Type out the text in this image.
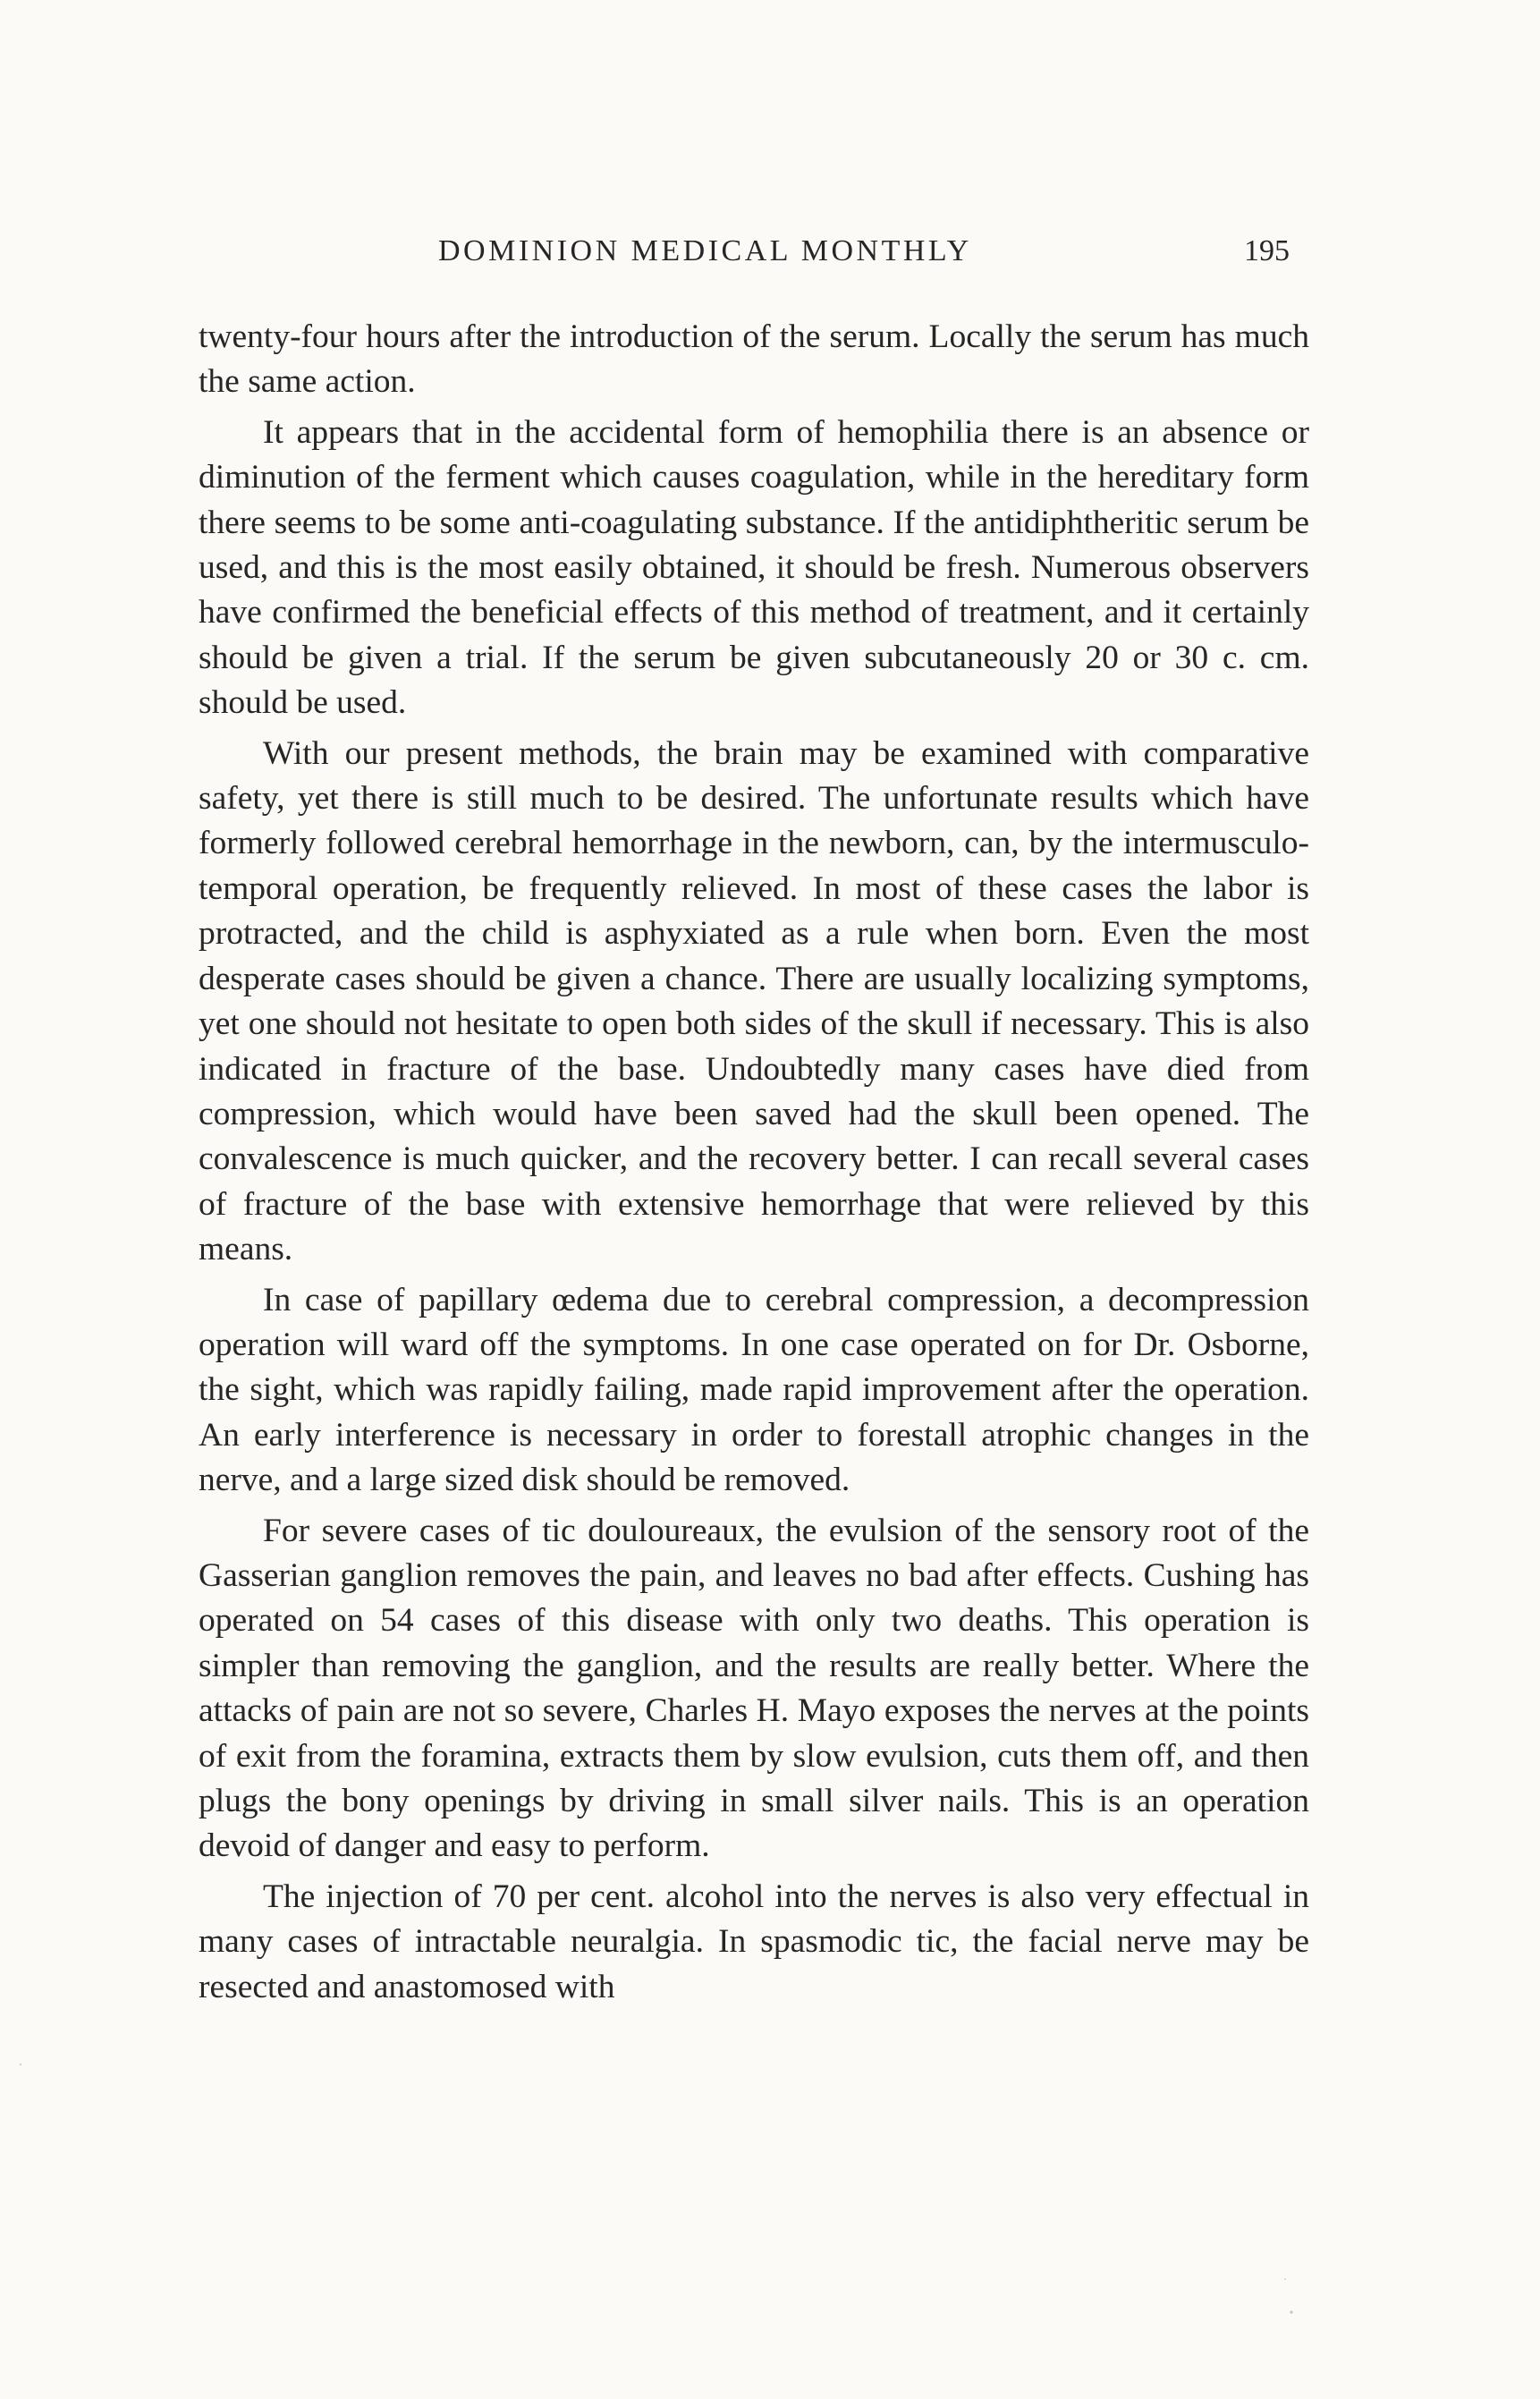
DOMINION MEDICAL MONTHLY	195

twenty-four hours after the introduction of the serum. Locally the serum has much the same action.

It appears that in the accidental form of hemophilia there is an absence or diminution of the ferment which causes coagulation, while in the hereditary form there seems to be some anti-coagulating substance. If the antidiphtheritic serum be used, and this is the most easily obtained, it should be fresh. Numerous observers have confirmed the beneficial effects of this method of treatment, and it certainly should be given a trial. If the serum be given subcutaneously 20 or 30 c. cm. should be used.

With our present methods, the brain may be examined with comparative safety, yet there is still much to be desired. The unfortunate results which have formerly followed cerebral hemorrhage in the newborn, can, by the intermusculo-temporal operation, be frequently relieved. In most of these cases the labor is protracted, and the child is asphyxiated as a rule when born. Even the most desperate cases should be given a chance. There are usually localizing symptoms, yet one should not hesitate to open both sides of the skull if necessary. This is also indicated in fracture of the base. Undoubtedly many cases have died from compression, which would have been saved had the skull been opened. The convalescence is much quicker, and the recovery better. I can recall several cases of fracture of the base with extensive hemorrhage that were relieved by this means.

In case of papillary œdema due to cerebral compression, a decompression operation will ward off the symptoms. In one case operated on for Dr. Osborne, the sight, which was rapidly failing, made rapid improvement after the operation. An early interference is necessary in order to forestall atrophic changes in the nerve, and a large sized disk should be removed.

For severe cases of tic douloureaux, the evulsion of the sensory root of the Gasserian ganglion removes the pain, and leaves no bad after effects. Cushing has operated on 54 cases of this disease with only two deaths. This operation is simpler than removing the ganglion, and the results are really better. Where the attacks of pain are not so severe, Charles H. Mayo exposes the nerves at the points of exit from the foramina, extracts them by slow evulsion, cuts them off, and then plugs the bony openings by driving in small silver nails. This is an operation devoid of danger and easy to perform.

The injection of 70 per cent. alcohol into the nerves is also very effectual in many cases of intractable neuralgia. In spasmodic tic, the facial nerve may be resected and anastomosed with
